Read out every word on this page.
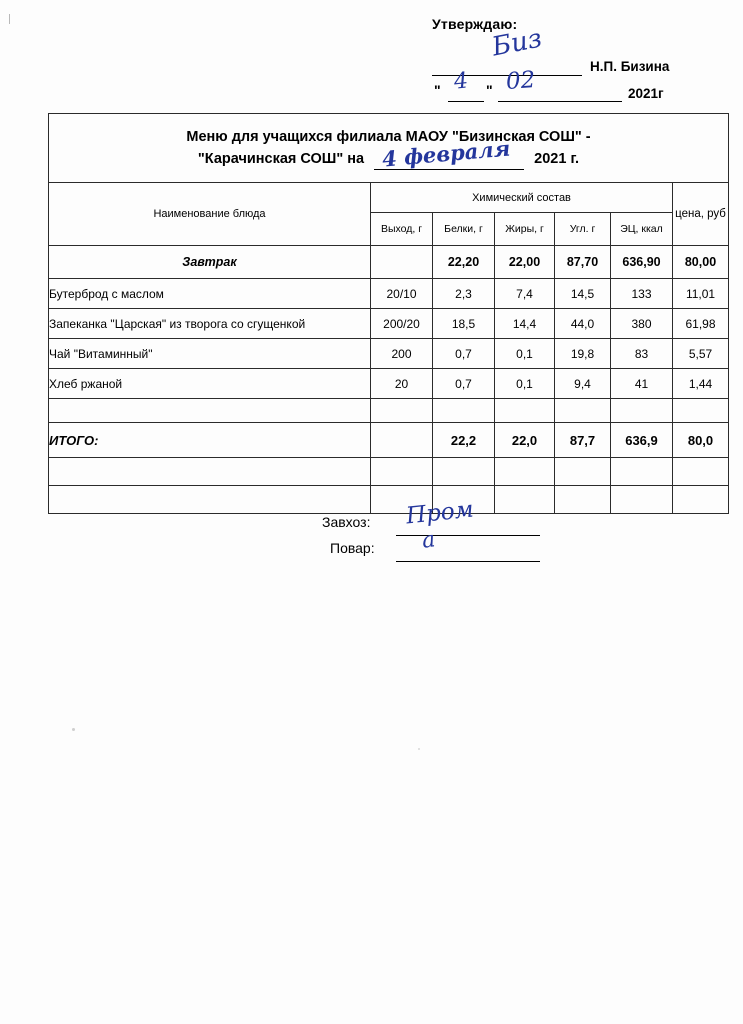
Утверждаю:
Бuз
Н.П. Бизина
" 4 " 02	2021г
Меню для учащихся филиала МАОУ "Бизинская СОШ" -
"Карачинская СОШ" на 4 февраля 2021 г.						
Наименование блюда	Химический состав					цена, руб
	Выход, г	Белки, г	Жиры, г	Угл. г	ЭЦ, ккал	
Завтрак		22,20	22,00	87,70	636,90	80,00
Бутерброд с маслом	20/10	2,3	7,4	14,5	133	11,01
Запеканка "Царская" из творога со сгущенкой	200/20	18,5	14,4	44,0	380	61,98
Чай "Витаминный"	200	0,7	0,1	19,8	83	5,57
Хлеб ржаной	20	0,7	0,1	9,4	41	1,44

ИТОГО:		22,2	22,0	87,7	636,9	80,0

Завхоз: Пром
Повар: а
